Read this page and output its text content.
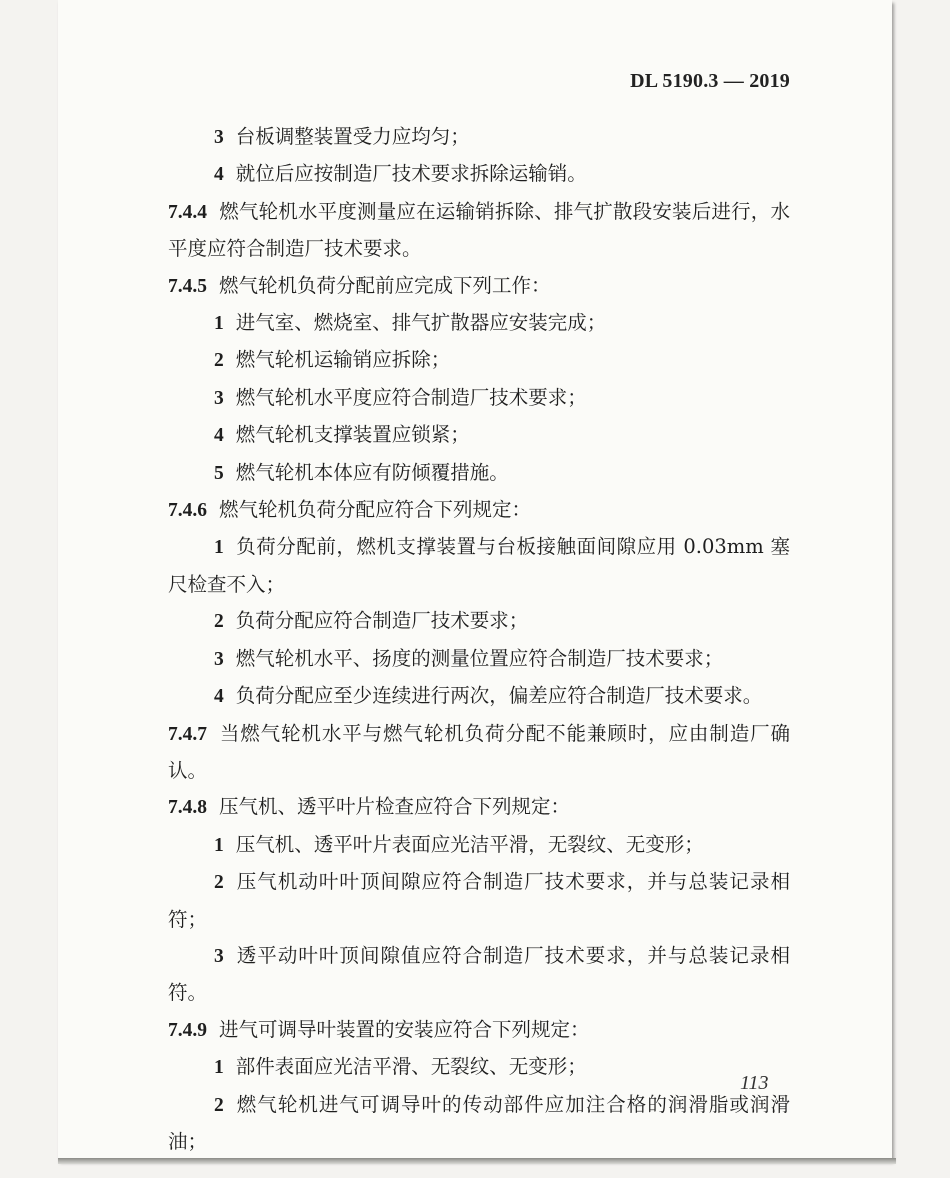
DL 5190.3 — 2019

3 台板调整装置受力应均匀；

4 就位后应按制造厂技术要求拆除运输销。

7.4.4 燃气轮机水平度测量应在运输销拆除、排气扩散段安装后进行，水平度应符合制造厂技术要求。

7.4.5 燃气轮机负荷分配前应完成下列工作：

1 进气室、燃烧室、排气扩散器应安装完成；

2 燃气轮机运输销应拆除；

3 燃气轮机水平度应符合制造厂技术要求；

4 燃气轮机支撑装置应锁紧；

5 燃气轮机本体应有防倾覆措施。

7.4.6 燃气轮机负荷分配应符合下列规定：

1 负荷分配前，燃机支撑装置与台板接触面间隙应用 0.03mm 塞尺检查不入；

2 负荷分配应符合制造厂技术要求；

3 燃气轮机水平、扬度的测量位置应符合制造厂技术要求；

4 负荷分配应至少连续进行两次，偏差应符合制造厂技术要求。

7.4.7 当燃气轮机水平与燃气轮机负荷分配不能兼顾时，应由制造厂确认。

7.4.8 压气机、透平叶片检查应符合下列规定：

1 压气机、透平叶片表面应光洁平滑，无裂纹、无变形；

2 压气机动叶叶顶间隙应符合制造厂技术要求，并与总装记录相符；

3 透平动叶叶顶间隙值应符合制造厂技术要求，并与总装记录相符。

7.4.9 进气可调导叶装置的安装应符合下列规定：

1 部件表面应光洁平滑、无裂纹、无变形；

2 燃气轮机进气可调导叶的传动部件应加注合格的润滑脂或润滑油；

113
